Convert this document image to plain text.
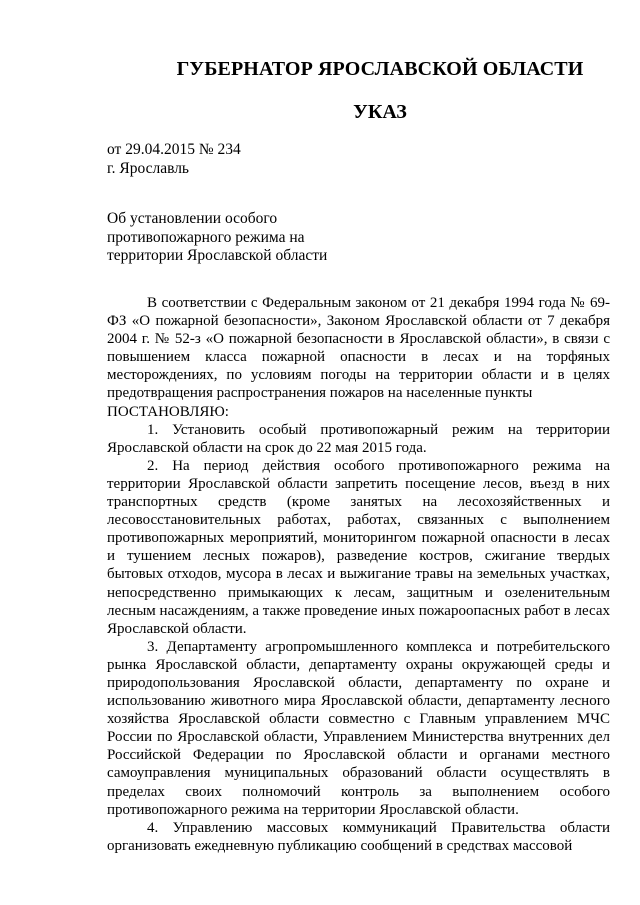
ГУБЕРНАТОР ЯРОСЛАВСКОЙ ОБЛАСТИ
УКАЗ
от 29.04.2015 № 234
г. Ярославль
Об установлении особого
противопожарного режима на
территории Ярославской области

В соответствии с Федеральным законом от 21 декабря 1994 года № 69-ФЗ «О пожарной безопасности», Законом Ярославской области от 7 декабря 2004 г. № 52-з «О пожарной безопасности в Ярославской области», в связи с повышением класса пожарной опасности в лесах и на торфяных месторождениях, по условиям погоды на территории области и в целях предотвращения распространения пожаров на населенные пункты

ПОСТАНОВЛЯЮ:

1. Установить особый противопожарный режим на территории Ярославской области на срок до 22 мая 2015 года.

2. На период действия особого противопожарного режима на территории Ярославской области запретить посещение лесов, въезд в них транспортных средств (кроме занятых на лесохозяйственных и лесовосстановительных работах, работах, связанных с выполнением противопожарных мероприятий, мониторингом пожарной опасности в лесах и тушением лесных пожаров), разведение костров, сжигание твердых бытовых отходов, мусора в лесах и выжигание травы на земельных участках, непосредственно примыкающих к лесам, защитным и озеленительным лесным насаждениям, а также проведение иных пожароопасных работ в лесах Ярославской области.

3. Департаменту агропромышленного комплекса и потребительского рынка Ярославской области, департаменту охраны окружающей среды и природопользования Ярославской области, департаменту по охране и использованию животного мира Ярославской области, департаменту лесного хозяйства Ярославской области совместно с Главным управлением МЧС России по Ярославской области, Управлением Министерства внутренних дел Российской Федерации по Ярославской области и органами местного самоуправления муниципальных образований области осуществлять в пределах своих полномочий контроль за выполнением особого противопожарного режима на территории Ярославской области.

4. Управлению массовых коммуникаций Правительства области организовать ежедневную публикацию сообщений в средствах массовой
